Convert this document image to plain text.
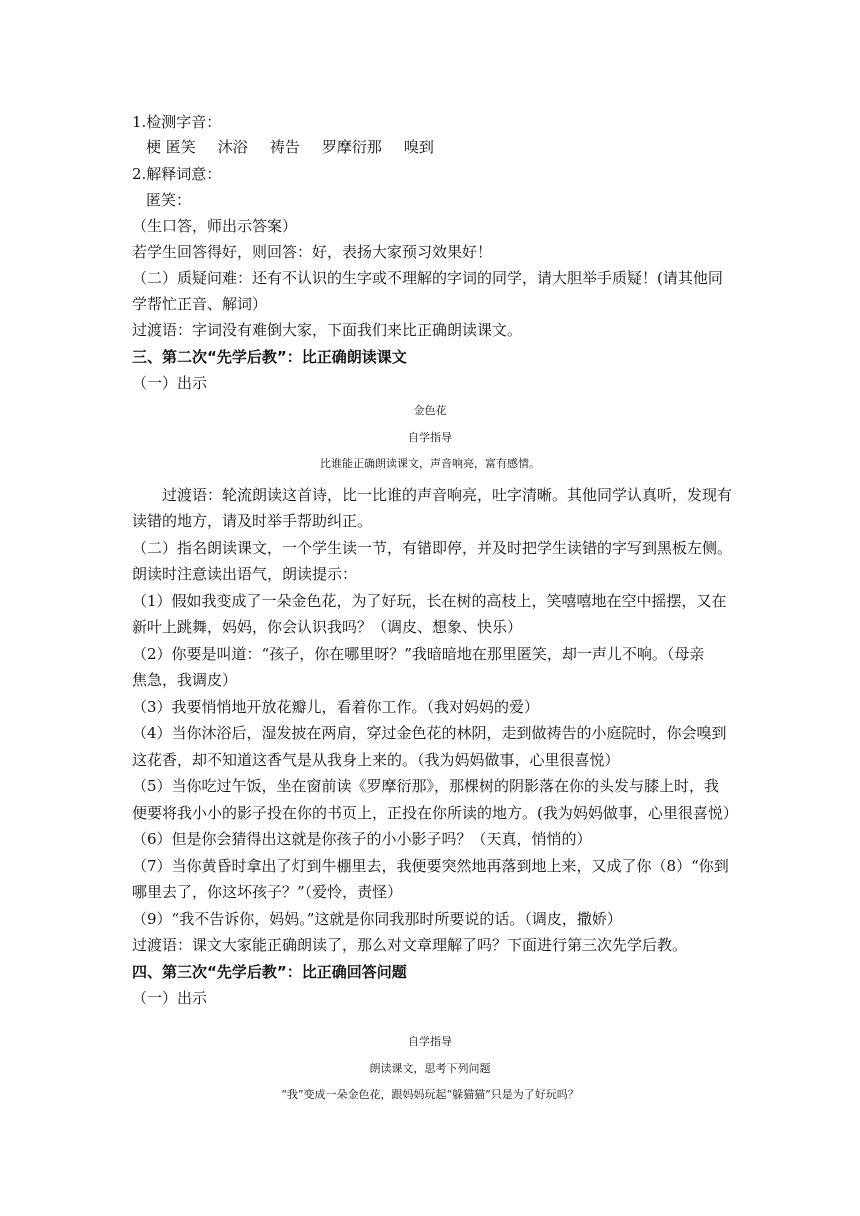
1.检测字音：
梗 匿笑 沐浴 祷告 罗摩衍那 嗅到
2.解释词意：
匿笑：
（生口答，师出示答案）
若学生回答得好，则回答：好，表扬大家预习效果好！
（二）质疑问难：还有不认识的生字或不理解的字词的同学，请大胆举手质疑！(请其他同
学帮忙正音、解词）
过渡语：字词没有难倒大家，下面我们来比正确朗读课文。
三、第二次“先学后教”：比正确朗读课文
（一）出示
金色花
自学指导
比谁能正确朗读课文，声音响亮，富有感情。
过渡语：轮流朗读这首诗，比一比谁的声音响亮，吐字清晰。其他同学认真听，发现有
读错的地方，请及时举手帮助纠正。
（二）指名朗读课文，一个学生读一节，有错即停，并及时把学生读错的字写到黑板左侧。
朗读时注意读出语气，朗读提示：
（1）假如我变成了一朵金色花，为了好玩，长在树的高枝上，笑嘻嘻地在空中摇摆，又在
新叶上跳舞，妈妈，你会认识我吗？（调皮、想象、快乐）
（2）你要是叫道：“孩子，你在哪里呀？”我暗暗地在那里匿笑，却一声儿不响。（母亲
焦急，我调皮）
（3）我要悄悄地开放花瓣儿，看着你工作。（我对妈妈的爱）
（4）当你沐浴后，湿发披在两肩，穿过金色花的林阴，走到做祷告的小庭院时，你会嗅到
这花香，却不知道这香气是从我身上来的。（我为妈妈做事，心里很喜悦）
（5）当你吃过午饭，坐在窗前读《罗摩衍那》，那棵树的阴影落在你的头发与膝上时，我
便要将我小小的影子投在你的书页上，正投在你所读的地方。(我为妈妈做事，心里很喜悦）
（6）但是你会猜得出这就是你孩子的小小影子吗？（天真，悄悄的）
（7）当你黄昏时拿出了灯到牛棚里去，我便要突然地再落到地上来，又成了你（8）“你到
哪里去了，你这坏孩子？”（爱怜，责怪）
（9）“我不告诉你，妈妈。”这就是你同我那时所要说的话。（调皮，撒娇）
过渡语：课文大家能正确朗读了，那么对文章理解了吗？下面进行第三次先学后教。
四、第三次“先学后教”：比正确回答问题
（一）出示
自学指导
朗读课文，思考下列问题
“我”变成一朵金色花，跟妈妈玩起“躲猫猫”只是为了好玩吗？
